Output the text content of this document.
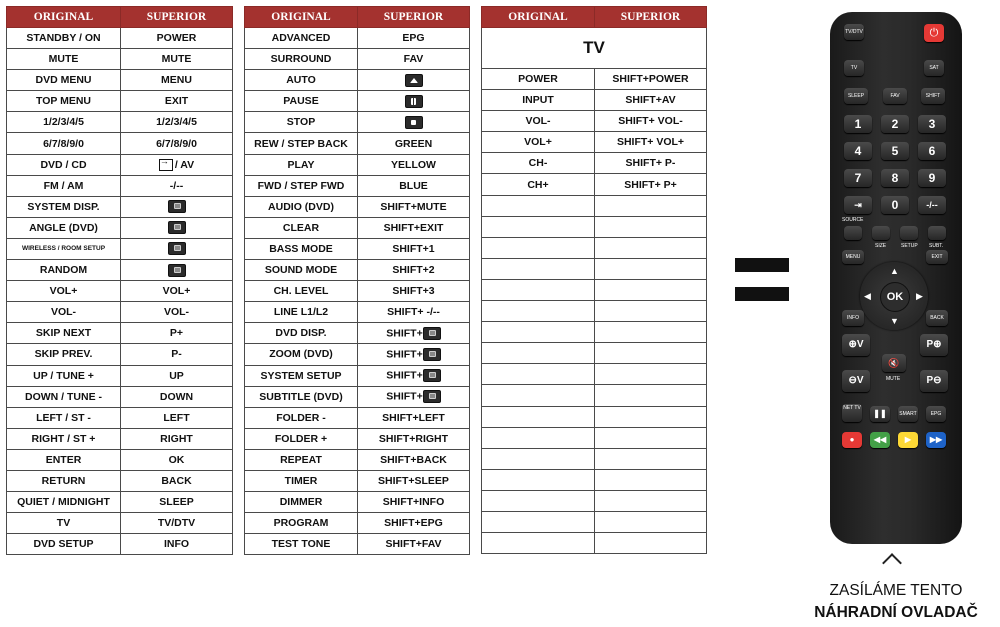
ORIGINAL	SUPERIOR
STANDBY / ON	POWER
MUTE	MUTE
DVD MENU	MENU
TOP MENU	EXIT
1/2/3/4/5	1/2/3/4/5
6/7/8/9/0	6/7/8/9/0
DVD / CD	→/ AV
FM / AM	-/--
SYSTEM DISP.	

ANGLE (DVD)	

WIRELESS / ROOM SETUP	

RANDOM	

VOL+	VOL+
VOL-	VOL-
SKIP NEXT	P+
SKIP PREV.	P-
UP / TUNE +	UP
DOWN / TUNE -	DOWN
LEFT / ST -	LEFT
RIGHT / ST +	RIGHT
ENTER	OK
RETURN	BACK
QUIET / MIDNIGHT	SLEEP
TV	TV/DTV
DVD SETUP	INFO
ORIGINAL	SUPERIOR
ADVANCED	EPG
SURROUND	FAV
AUTO	

PAUSE	

STOP	

REW / STEP BACK	GREEN
PLAY	YELLOW
FWD / STEP FWD	BLUE
AUDIO (DVD)	SHIFT+MUTE
CLEAR	SHIFT+EXIT
BASS MODE	SHIFT+1
SOUND MODE	SHIFT+2
CH. LEVEL	SHIFT+3
LINE L1/L2	SHIFT+ -/--
DVD DISP.	SHIFT+

ZOOM (DVD)	SHIFT+

SYSTEM SETUP	SHIFT+

SUBTITLE (DVD)	SHIFT+

FOLDER -	SHIFT+LEFT
FOLDER +	SHIFT+RIGHT
REPEAT	SHIFT+BACK
TIMER	SHIFT+SLEEP
DIMMER	SHIFT+INFO
PROGRAM	SHIFT+EPG
TEST TONE	SHIFT+FAV
ORIGINAL	SUPERIOR
TV	
POWER	SHIFT+POWER
INPUT	SHIFT+AV
VOL-	SHIFT+ VOL-
VOL+	SHIFT+ VOL+
CH-	SHIFT+ P-
CH+	SHIFT+ P+

TV/DTV	⏻
TV	SAT
SLEEP	FAV	SHIFT
1	2	3
4	5	6
7	8	9
⇥	0	-/--
SOURCE
SIZE	SETUP SUBT.
MENU	EXIT
▲
▼
◀	▶
OK
INFO	BACK
⊕V
⊖V
P⊕
P⊖
🔇
MUTE
NET TV
❚❚	SMART	EPG
●	◀◀	▶	▶▶
ZASÍLÁME TENTO
NÁHRADNÍ OVLADAČ
